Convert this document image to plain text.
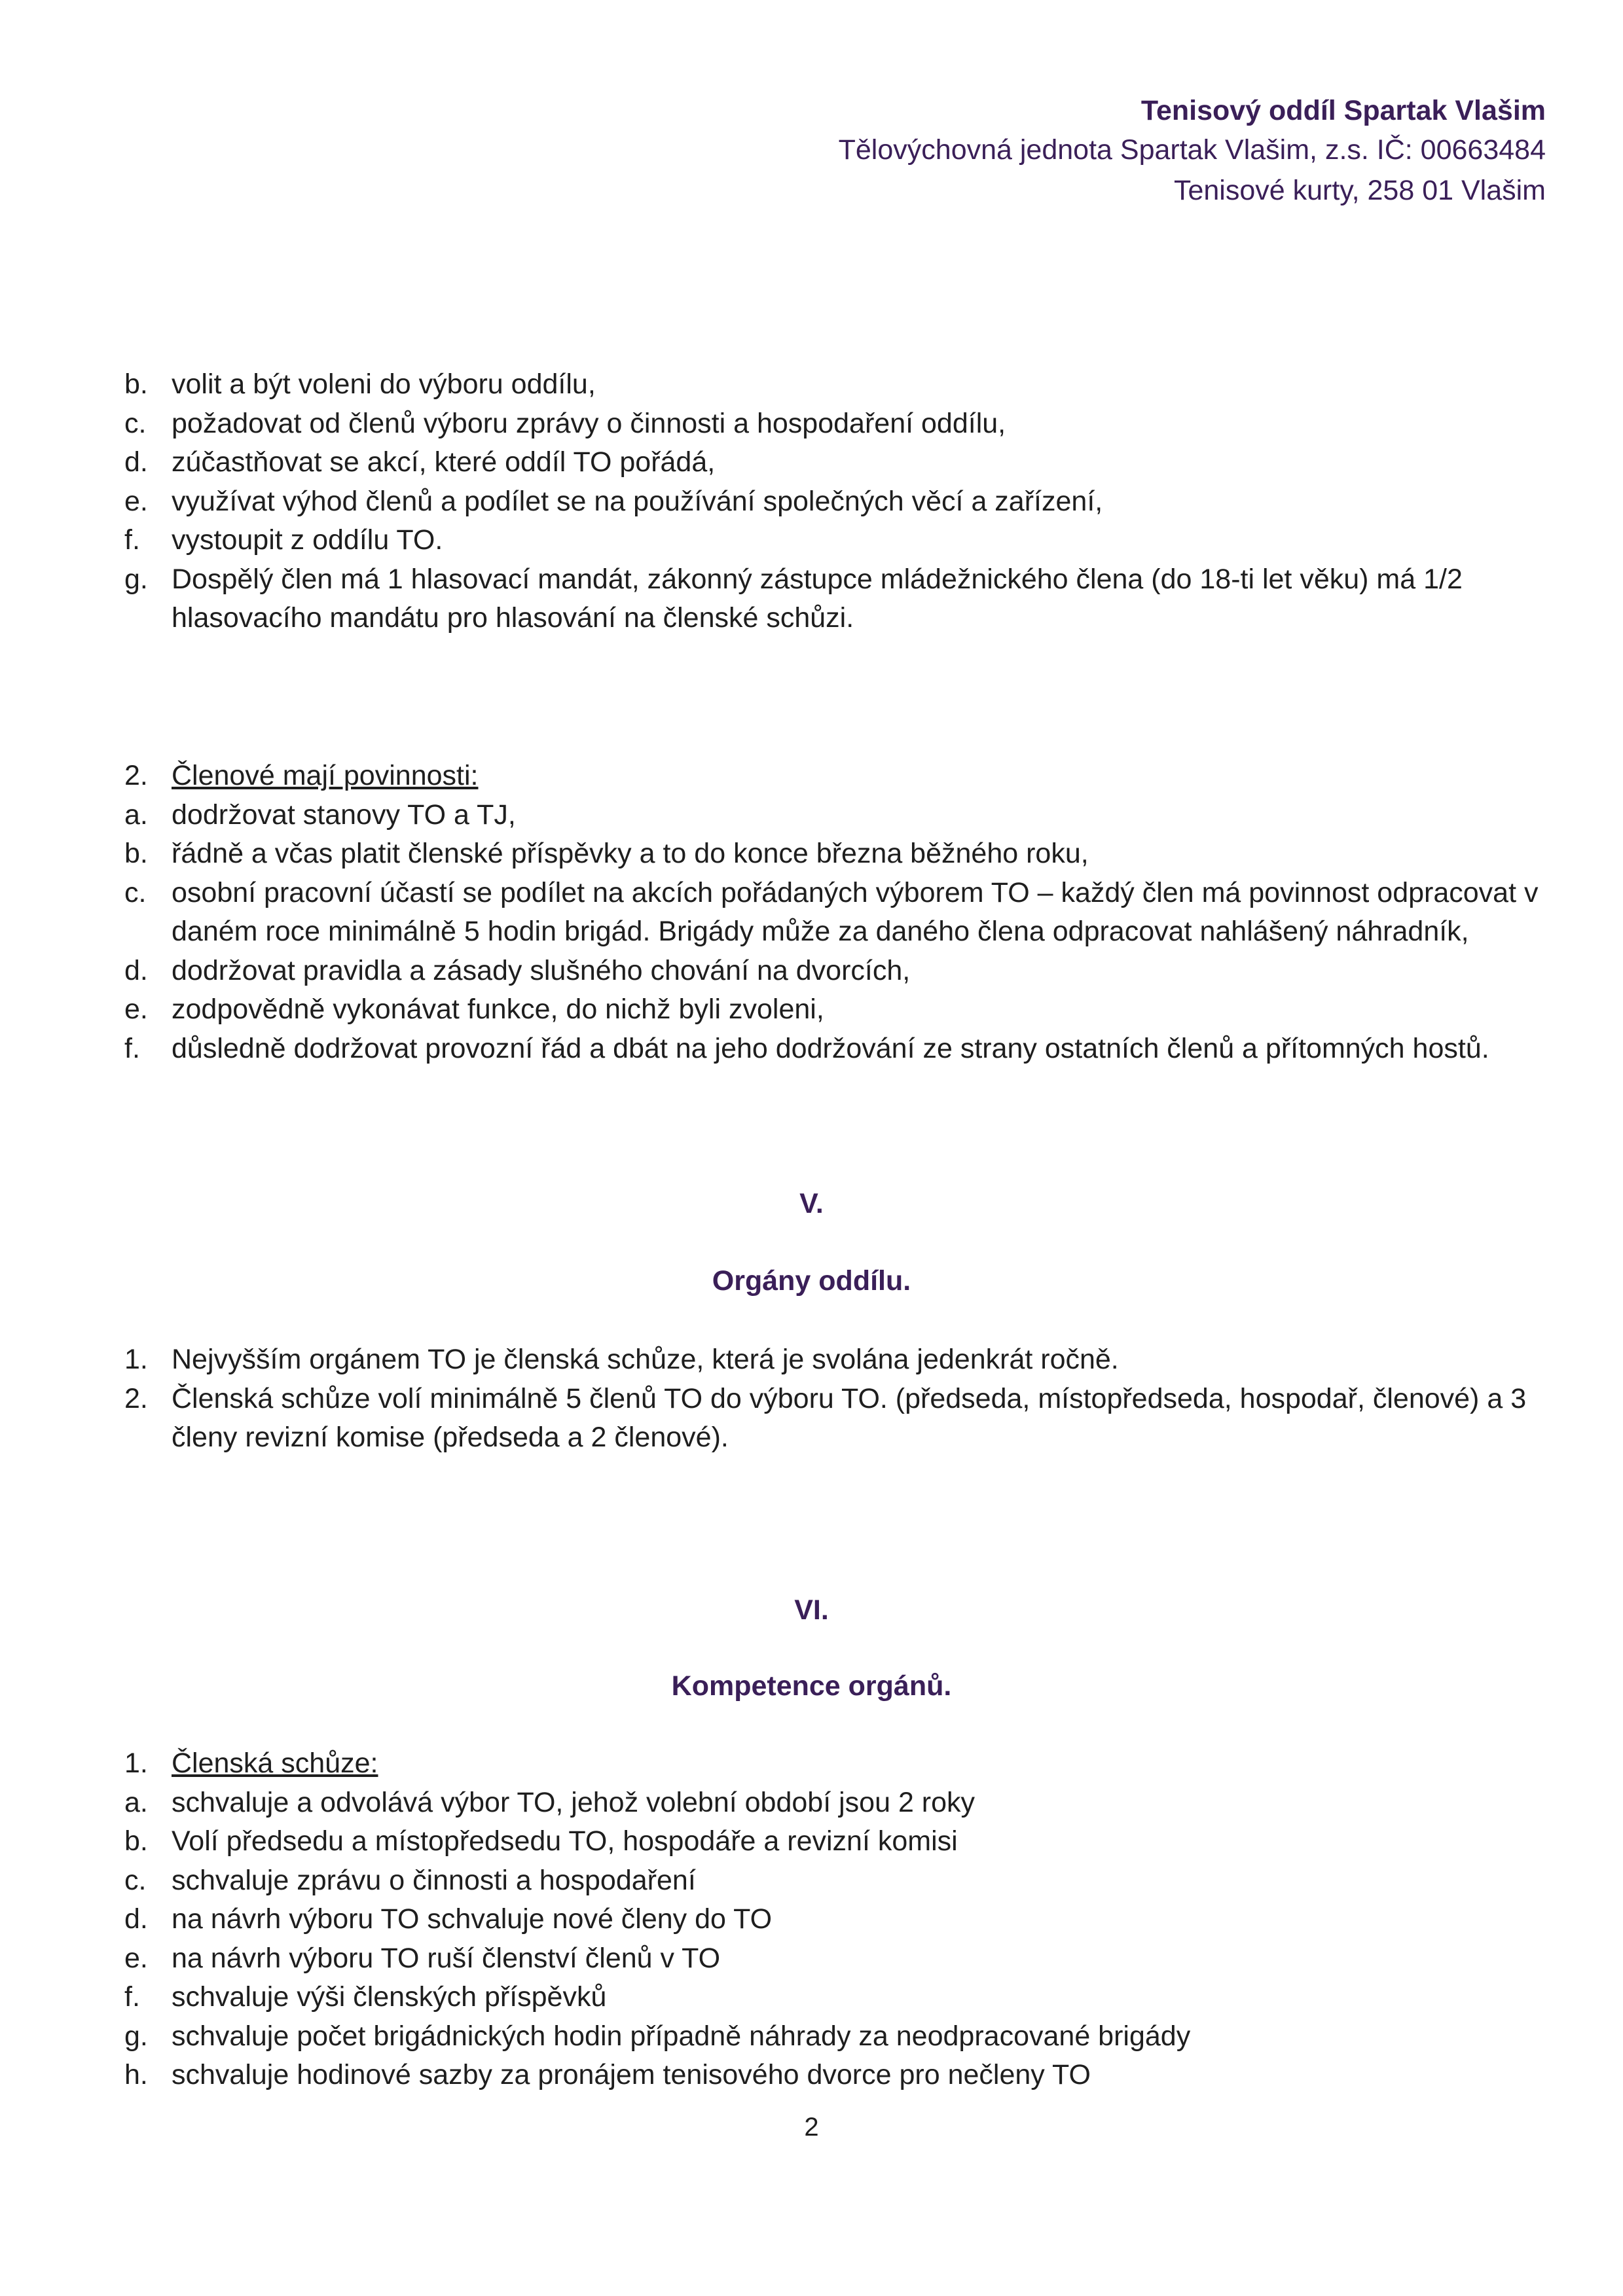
Tenisový oddíl Spartak Vlašim
Tělovýchovná jednota Spartak Vlašim, z.s. IČ: 00663484
Tenisové kurty, 258 01 Vlašim
b. volit a být voleni do výboru oddílu,
c. požadovat od členů výboru zprávy o činnosti a hospodaření oddílu,
d. zúčastňovat se akcí, které oddíl TO pořádá,
e. využívat výhod členů a podílet se na používání společných věcí a zařízení,
f. vystoupit z oddílu TO.
g. Dospělý člen má 1 hlasovací mandát, zákonný zástupce mládežnického člena (do 18-ti let věku) má 1/2 hlasovacího mandátu pro hlasování na členské schůzi.
2. Členové mají povinnosti:
a. dodržovat stanovy TO a TJ,
b. řádně a včas platit členské příspěvky a to do konce března běžného roku,
c. osobní pracovní účastí se podílet na akcích pořádaných výborem TO – každý člen má povinnost odpracovat v daném roce minimálně 5 hodin brigád. Brigády může za daného člena odpracovat nahlášený náhradník,
d. dodržovat pravidla a zásady slušného chování na dvorcích,
e. zodpovědně vykonávat funkce, do nichž byli zvoleni,
f. důsledně dodržovat provozní řád a dbát na jeho dodržování ze strany ostatních členů a přítomných hostů.
V.
Orgány oddílu.
1. Nejvyšším orgánem TO je členská schůze, která je svolána jedenkrát ročně.
2. Členská schůze volí minimálně 5 členů TO do výboru TO. (předseda, místopředseda, hospodař, členové) a 3 členy revizní komise (předseda a 2 členové).
VI.
Kompetence orgánů.
1. Členská schůze:
a. schvaluje a odvolává výbor TO, jehož volební období jsou 2 roky
b. Volí předsedu a místopředsedu TO, hospodáře a revizní komisi
c. schvaluje zprávu o činnosti a hospodaření
d. na návrh výboru TO schvaluje nové členy do TO
e. na návrh výboru TO ruší členství členů v TO
f. schvaluje výši členských příspěvků
g. schvaluje počet brigádnických hodin případně náhrady za neodpracované brigády
h. schvaluje hodinové sazby za pronájem tenisového dvorce pro nečleny TO
2
